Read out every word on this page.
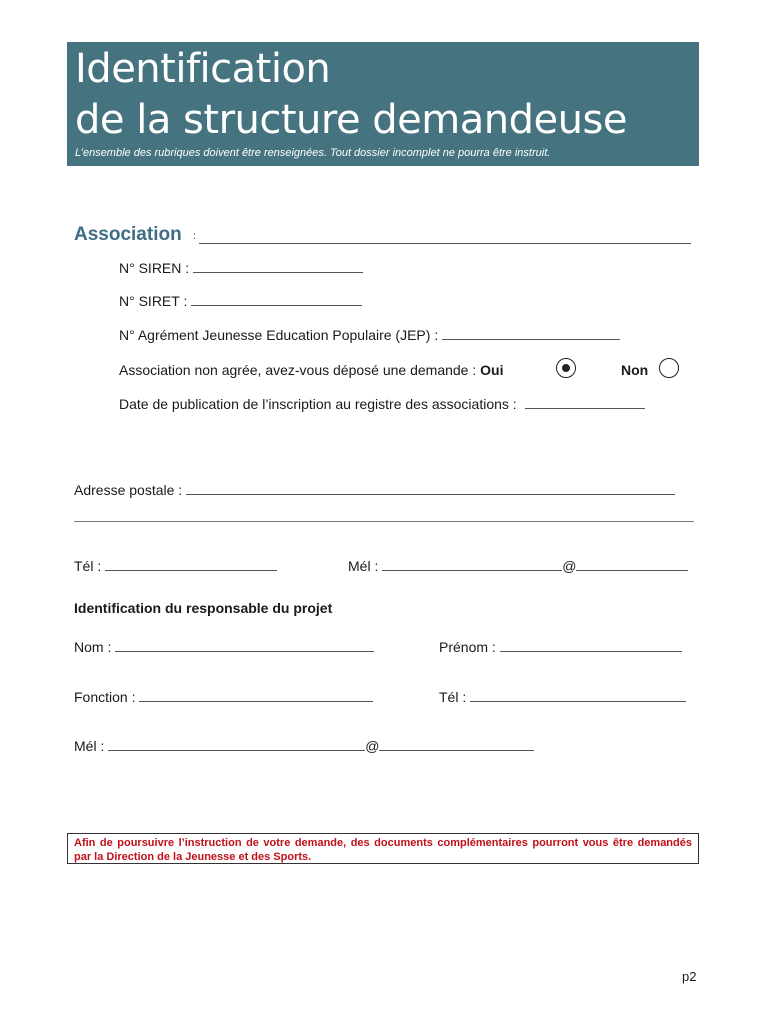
Identification
de la structure demandeuse
L’ensemble des rubriques doivent être renseignées. Tout dossier incomplet ne pourra être instruit.
Association :
N° SIREN :
N° SIRET :
N° Agrément Jeunesse Education Populaire (JEP) :
Association non agrée, avez-vous déposé une demande : Oui	Non
Date de publication de l’inscription au registre des associations :
Adresse postale :
Tél :	Mél :	@
Identification du responsable du projet
Nom :	Prénom :
Fonction :	Tél :
Mél :	@
Afin de poursuivre l’instruction de votre demande, des documents complémentaires pourront vous être demandés par la Direction de la Jeunesse et des Sports.
p2
